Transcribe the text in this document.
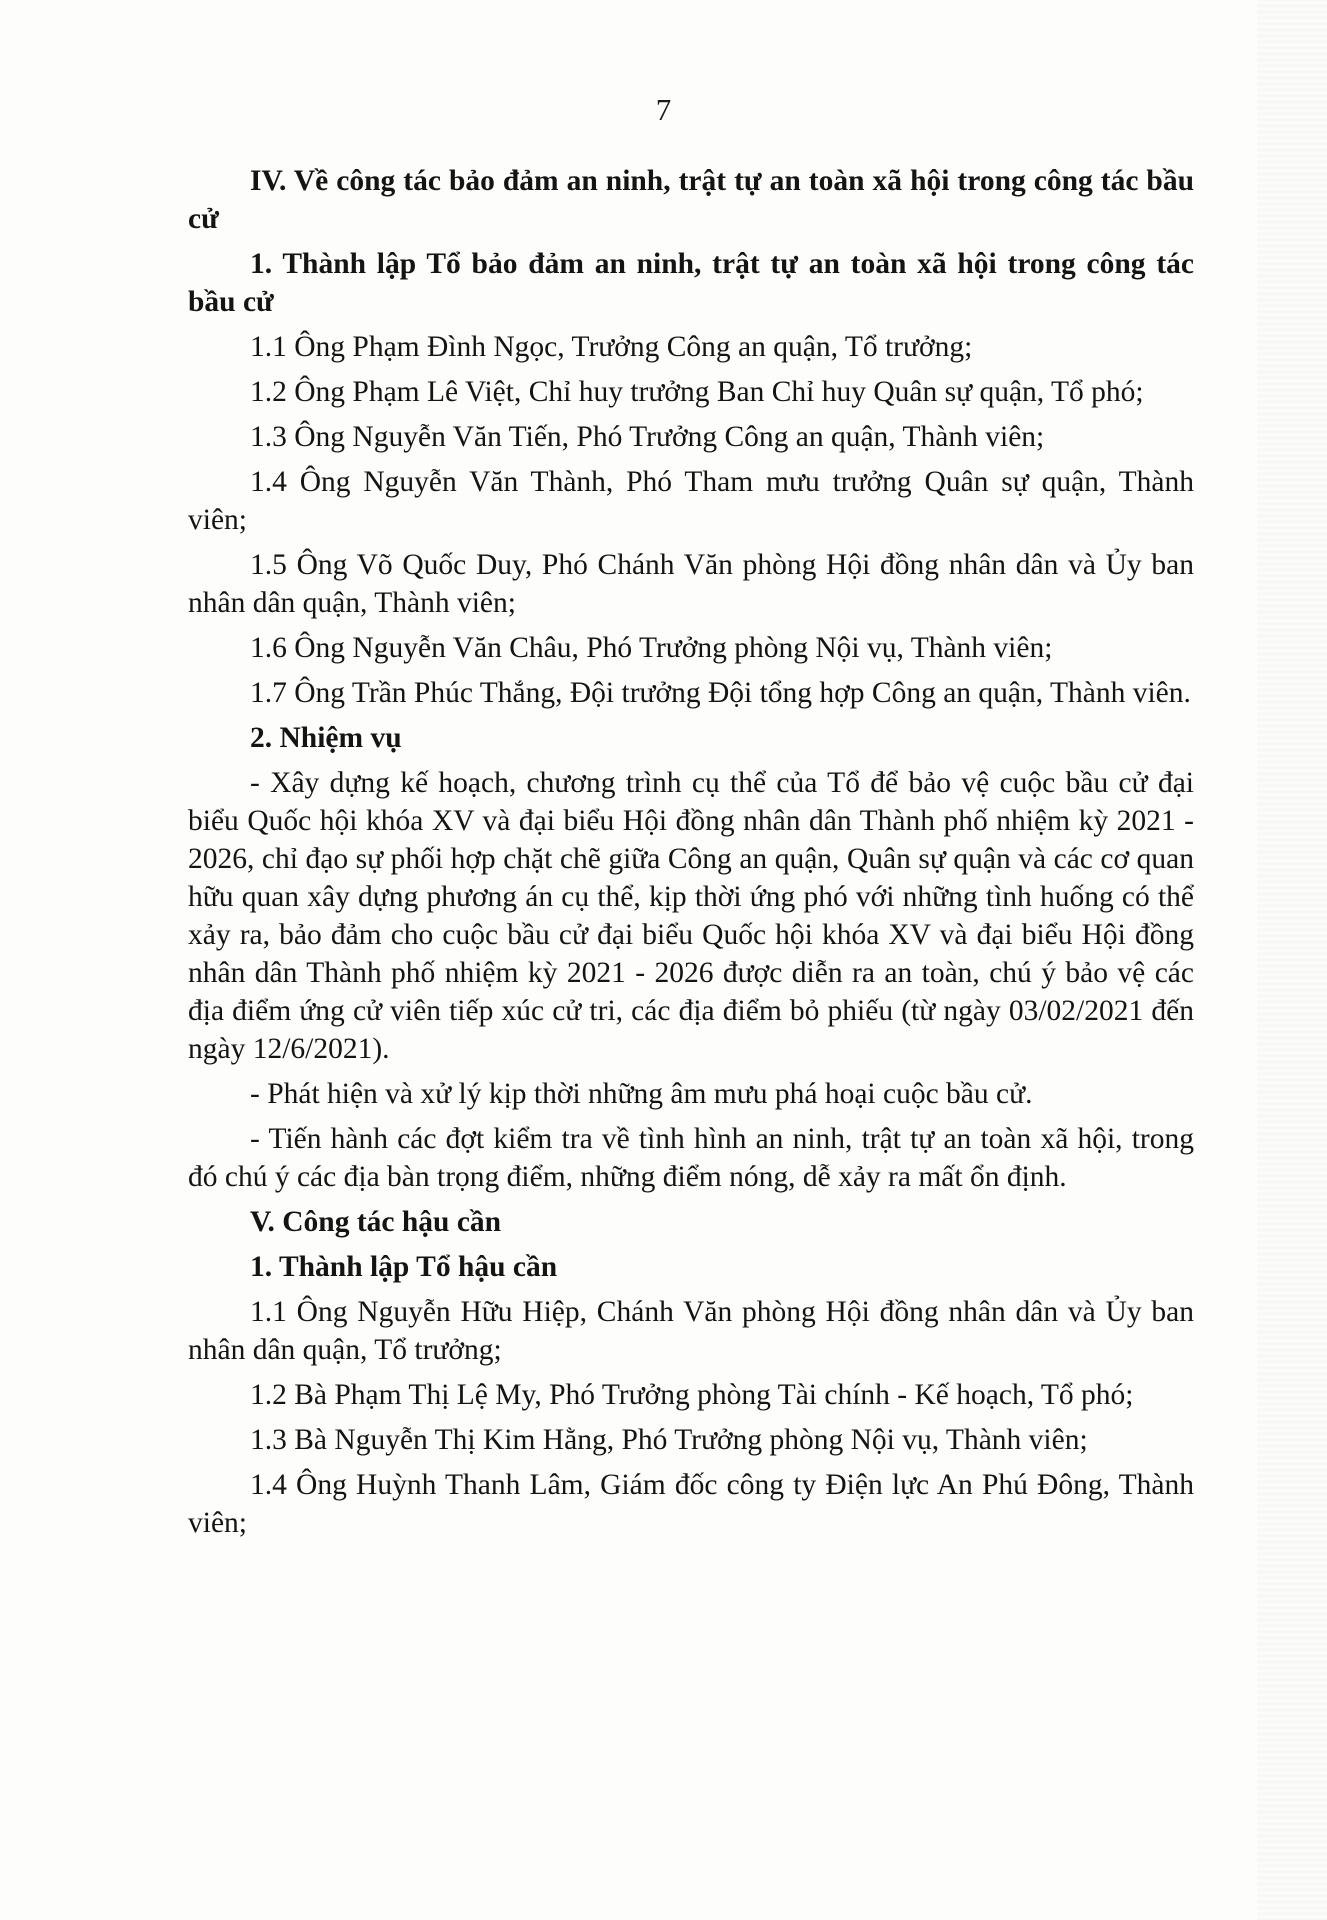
7

IV. Về công tác bảo đảm an ninh, trật tự an toàn xã hội trong công tác bầu cử

1. Thành lập Tổ bảo đảm an ninh, trật tự an toàn xã hội trong công tác bầu cử

1.1 Ông Phạm Đình Ngọc, Trưởng Công an quận, Tổ trưởng;

1.2 Ông Phạm Lê Việt, Chỉ huy trưởng Ban Chỉ huy Quân sự quận, Tổ phó;

1.3 Ông Nguyễn Văn Tiến, Phó Trưởng Công an quận, Thành viên;

1.4 Ông Nguyễn Văn Thành, Phó Tham mưu trưởng Quân sự quận, Thành viên;

1.5 Ông Võ Quốc Duy, Phó Chánh Văn phòng Hội đồng nhân dân và Ủy ban nhân dân quận, Thành viên;

1.6 Ông Nguyễn Văn Châu, Phó Trưởng phòng Nội vụ, Thành viên;

1.7 Ông Trần Phúc Thắng, Đội trưởng Đội tổng hợp Công an quận, Thành viên.

2. Nhiệm vụ

- Xây dựng kế hoạch, chương trình cụ thể của Tổ để bảo vệ cuộc bầu cử đại biểu Quốc hội khóa XV và đại biểu Hội đồng nhân dân Thành phố nhiệm kỳ 2021 - 2026, chỉ đạo sự phối hợp chặt chẽ giữa Công an quận, Quân sự quận và các cơ quan hữu quan xây dựng phương án cụ thể, kịp thời ứng phó với những tình huống có thể xảy ra, bảo đảm cho cuộc bầu cử đại biểu Quốc hội khóa XV và đại biểu Hội đồng nhân dân Thành phố nhiệm kỳ 2021 - 2026 được diễn ra an toàn, chú ý bảo vệ các địa điểm ứng cử viên tiếp xúc cử tri, các địa điểm bỏ phiếu (từ ngày 03/02/2021 đến ngày 12/6/2021).

- Phát hiện và xử lý kịp thời những âm mưu phá hoại cuộc bầu cử.

- Tiến hành các đợt kiểm tra về tình hình an ninh, trật tự an toàn xã hội, trong đó chú ý các địa bàn trọng điểm, những điểm nóng, dễ xảy ra mất ổn định.

V. Công tác hậu cần

1. Thành lập Tổ hậu cần

1.1 Ông Nguyễn Hữu Hiệp, Chánh Văn phòng Hội đồng nhân dân và Ủy ban nhân dân quận, Tổ trưởng;

1.2 Bà Phạm Thị Lệ My, Phó Trưởng phòng Tài chính - Kế hoạch, Tổ phó;

1.3 Bà Nguyễn Thị Kim Hằng, Phó Trưởng phòng Nội vụ, Thành viên;

1.4 Ông Huỳnh Thanh Lâm, Giám đốc công ty Điện lực An Phú Đông, Thành viên;
